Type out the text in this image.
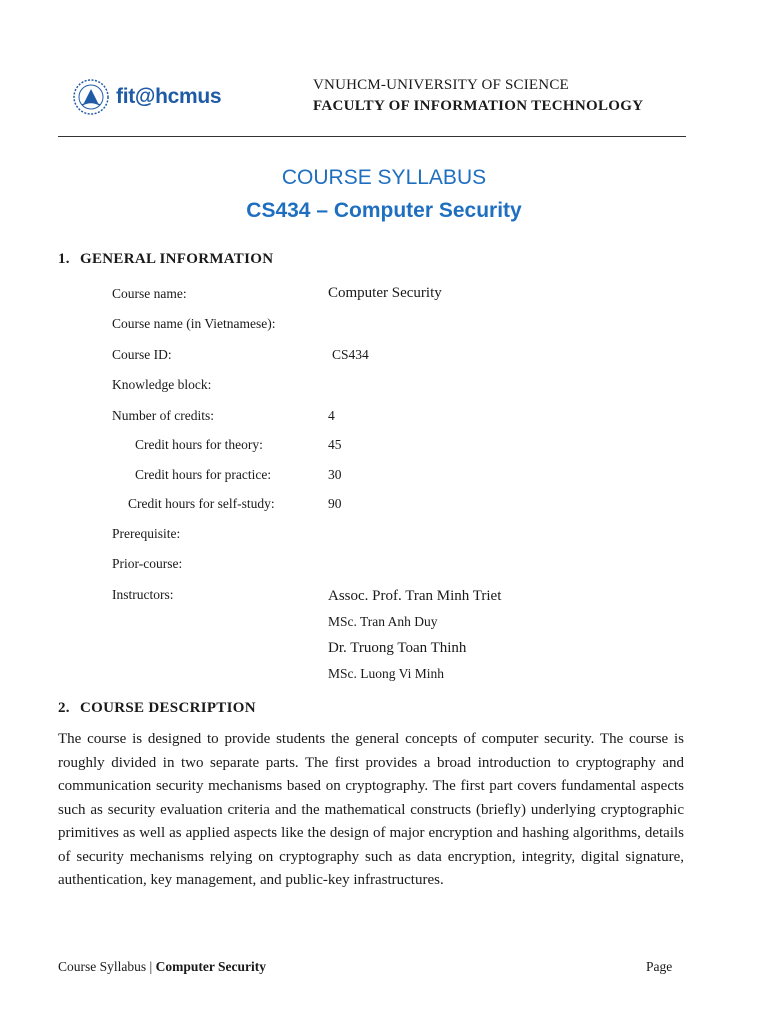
fit@hcmus	VNUHCM-UNIVERSITY OF SCIENCE
FACULTY OF INFORMATION TECHNOLOGY
COURSE SYLLABUS
CS434 – Computer Security
1. GENERAL INFORMATION
Course name:	Computer Security
Course name (in Vietnamese):
Course ID:	CS434
Knowledge block:
Number of credits:	4
Credit hours for theory:	45
Credit hours for practice:	30
Credit hours for self-study:	90
Prerequisite:
Prior-course:
Instructors:	Assoc. Prof. Tran Minh Triet
MSc. Tran Anh Duy
Dr. Truong Toan Thinh
MSc. Luong Vi Minh
2. COURSE DESCRIPTION
The course is designed to provide students the general concepts of computer security. The course is roughly divided in two separate parts. The first provides a broad introduction to cryptography and communication security mechanisms based on cryptography. The first part covers fundamental aspects such as security evaluation criteria and the mathematical constructs (briefly) underlying cryptographic primitives as well as applied aspects like the design of major encryption and hashing algorithms, details of security mechanisms relying on cryptography such as data encryption, integrity, digital signature, authentication, key management, and public-key infrastructures.
Course Syllabus | Computer Security	Page
